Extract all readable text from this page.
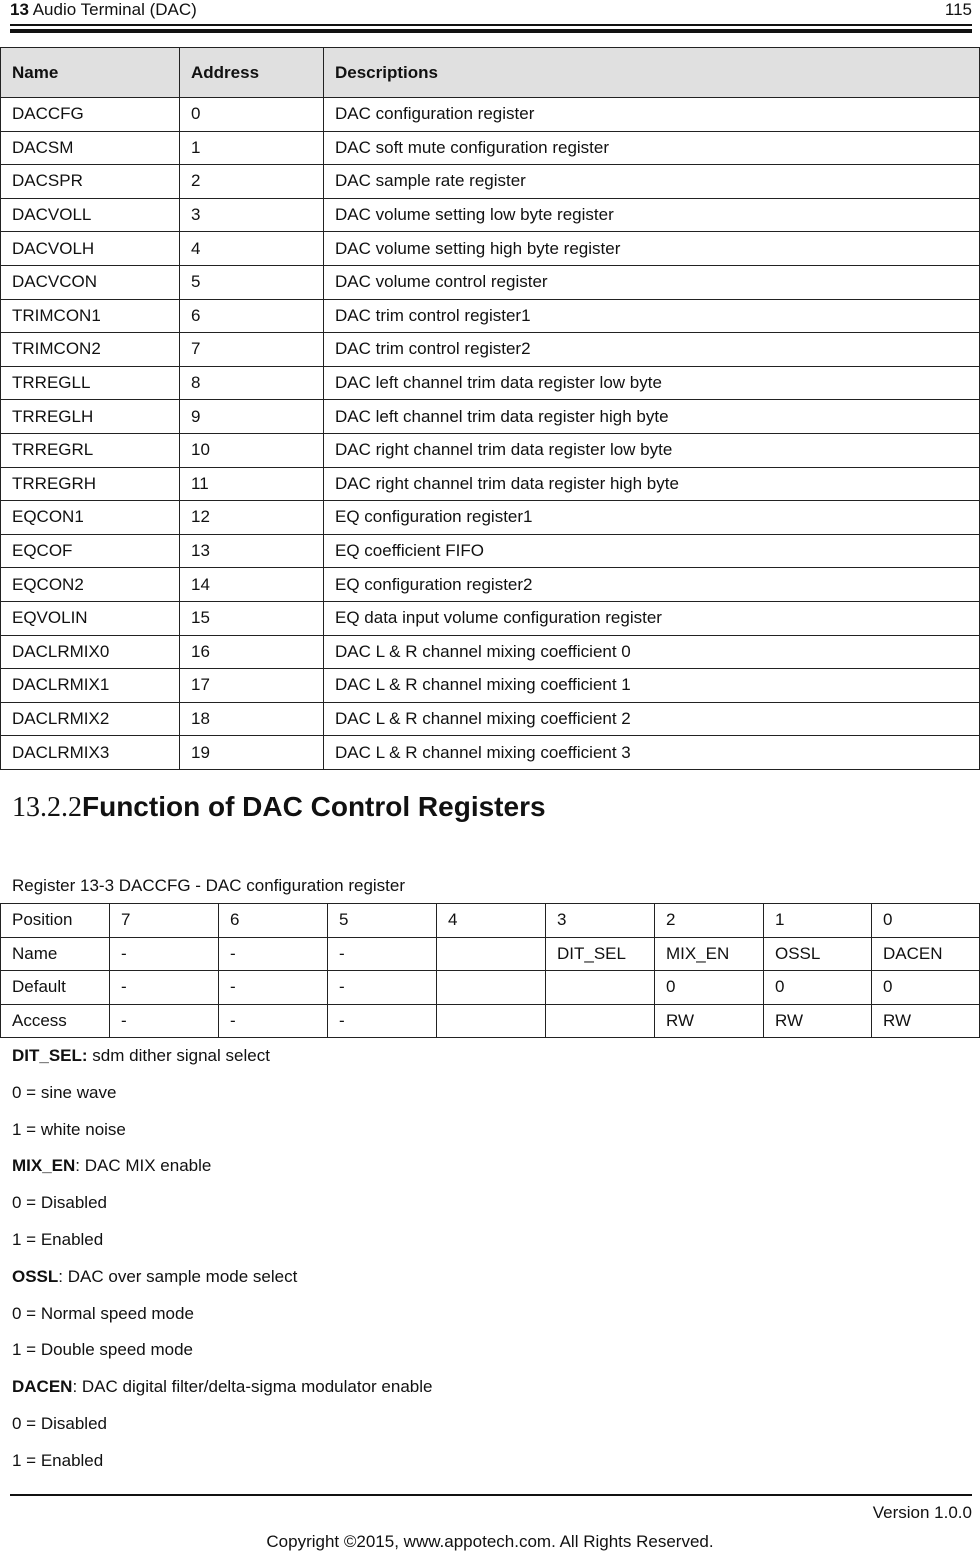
13 Audio Terminal (DAC)	115
Name	Address	Descriptions
DACCFG	0	DAC configuration register
DACSM	1	DAC soft mute configuration register
DACSPR	2	DAC sample rate register
DACVOLL	3	DAC volume setting low byte register
DACVOLH	4	DAC volume setting high byte register
DACVCON	5	DAC volume control register
TRIMCON1	6	DAC trim control register1
TRIMCON2	7	DAC trim control register2
TRREGLL	8	DAC left channel trim data register low byte
TRREGLH	9	DAC left channel trim data register high byte
TRREGRL	10	DAC right channel trim data register low byte
TRREGRH	11	DAC right channel trim data register high byte
EQCON1	12	EQ configuration register1
EQCOF	13	EQ coefficient FIFO
EQCON2	14	EQ configuration register2
EQVOLIN	15	EQ data input volume configuration register
DACLRMIX0	16	DAC L & R channel mixing coefficient 0
DACLRMIX1	17	DAC L & R channel mixing coefficient 1
DACLRMIX2	18	DAC L & R channel mixing coefficient 2
DACLRMIX3	19	DAC L & R channel mixing coefficient 3
13.2.2Function of DAC Control Registers
Register 13-3 DACCFG - DAC configuration register
Position	7	6	5	4	3	2	1	0
Name	-	-	-		DIT_SEL	MIX_EN	OSSL	DACEN
Default	-	-	-			0	0	0
Access	-	-	-			RW	RW	RW
DIT_SEL: sdm dither signal select
0 = sine wave
1 = white noise
MIX_EN: DAC MIX enable
0 = Disabled
1 = Enabled
OSSL: DAC over sample mode select
0 = Normal speed mode
1 = Double speed mode
DACEN: DAC digital filter/delta-sigma modulator enable
0 = Disabled
1 = Enabled
Version 1.0.0
Copyright ©2015, www.appotech.com. All Rights Reserved.
